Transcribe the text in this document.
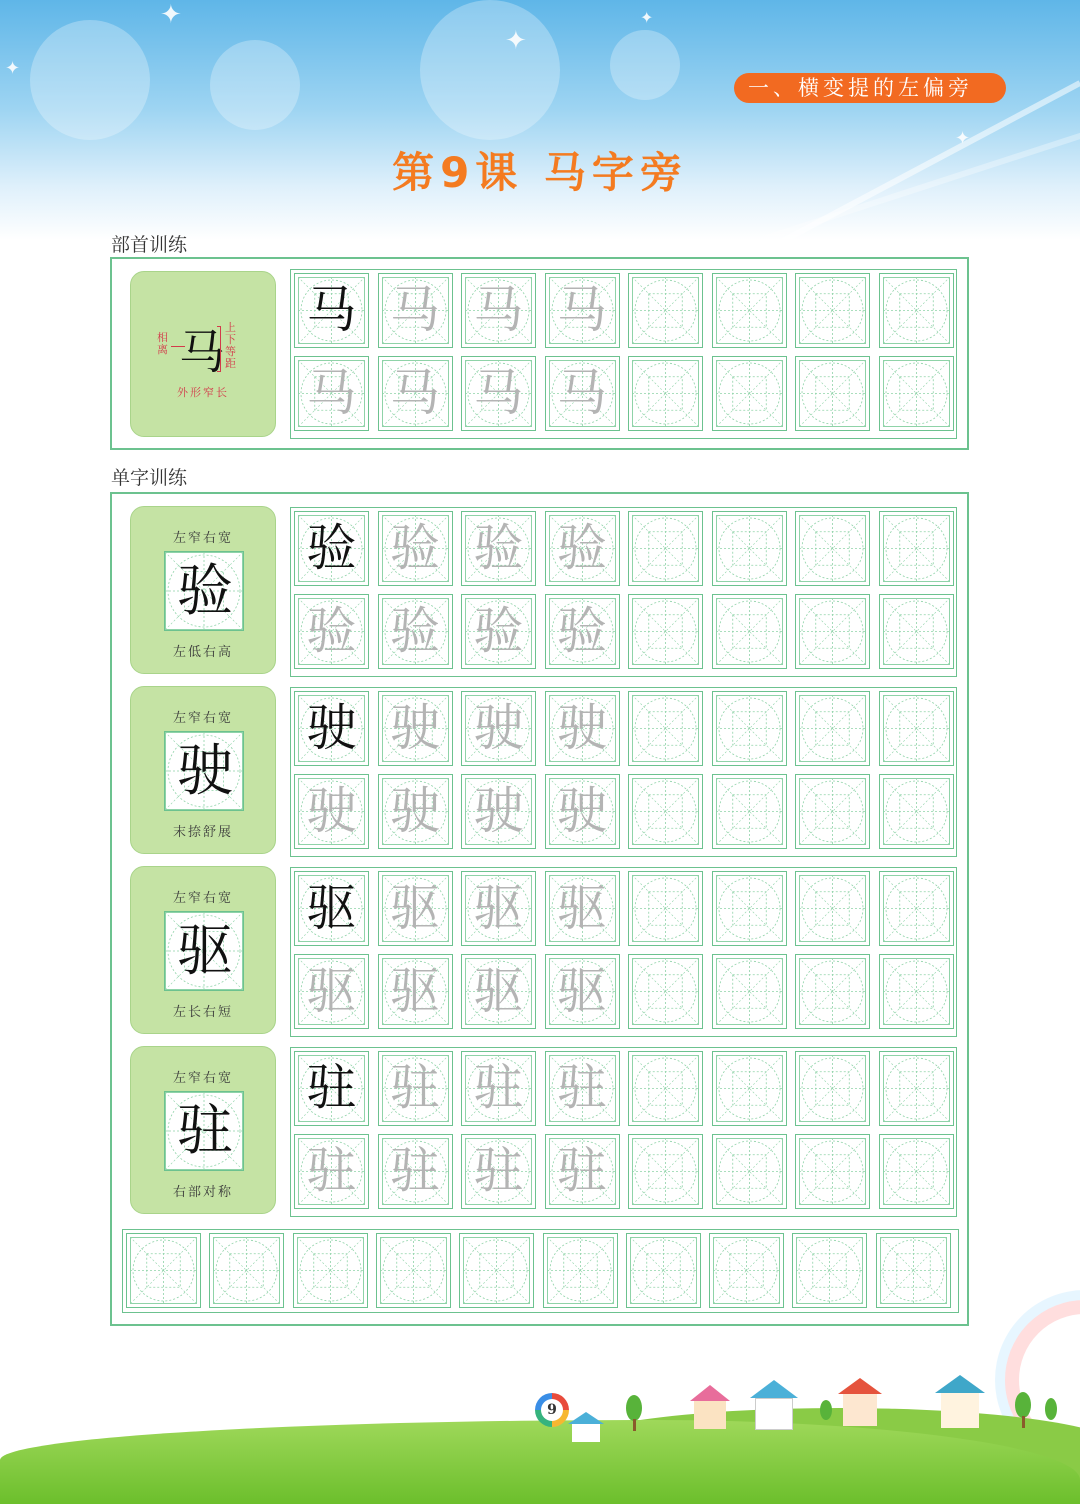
✦
✦
✦
✦
✦
一、横变提的左偏旁
第9课 马字旁
部首训练
相离 马 上下等距
外形窄长
马 马 马 马
马 马 马 马
单字训练
左窄右宽
验
左低右高
验 验 验 验
验 验 验 验
左窄右宽
驶
末捺舒展
驶 驶 驶 驶
驶 驶 驶 驶
左窄右宽
驱
左长右短
驱 驱 驱 驱
驱 驱 驱 驱
左窄右宽
驻
右部对称
驻 驻 驻 驻
驻 驻 驻 驻
9
